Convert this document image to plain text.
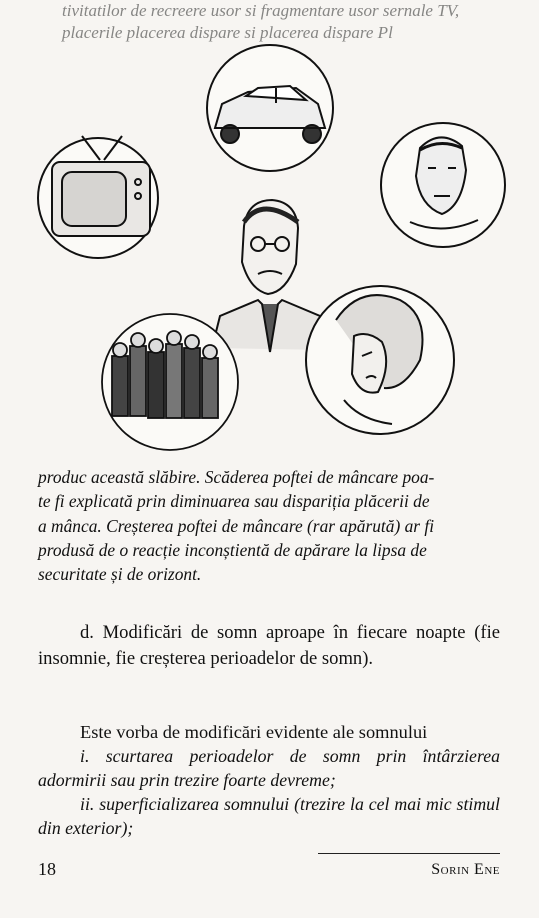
tivitatilor de recreere usor si fragmentare usor sernale TV,

placerile placerea dispare si placerea dispare Pl

produc această slăbire. Scăderea poftei de mâncare poa-

te fi explicată prin diminuarea sau dispariția plăcerii de

a mânca. Creșterea poftei de mâncare (rar apărută) ar fi

produsă de o reacție inconștientă de apărare la lipsa de

securitate și de orizont.

d. Modificări de somn aproape în fiecare noapte (fie insomnie, fie creșterea perioadelor de somn).

Este vorba de modificări evidente ale somnului

i. scurtarea perioadelor de somn prin întârzierea adormirii sau prin trezire foarte devreme;

ii. superficializarea somnului (trezire la cel mai mic stimul din exterior);

18	Sorin Ene
